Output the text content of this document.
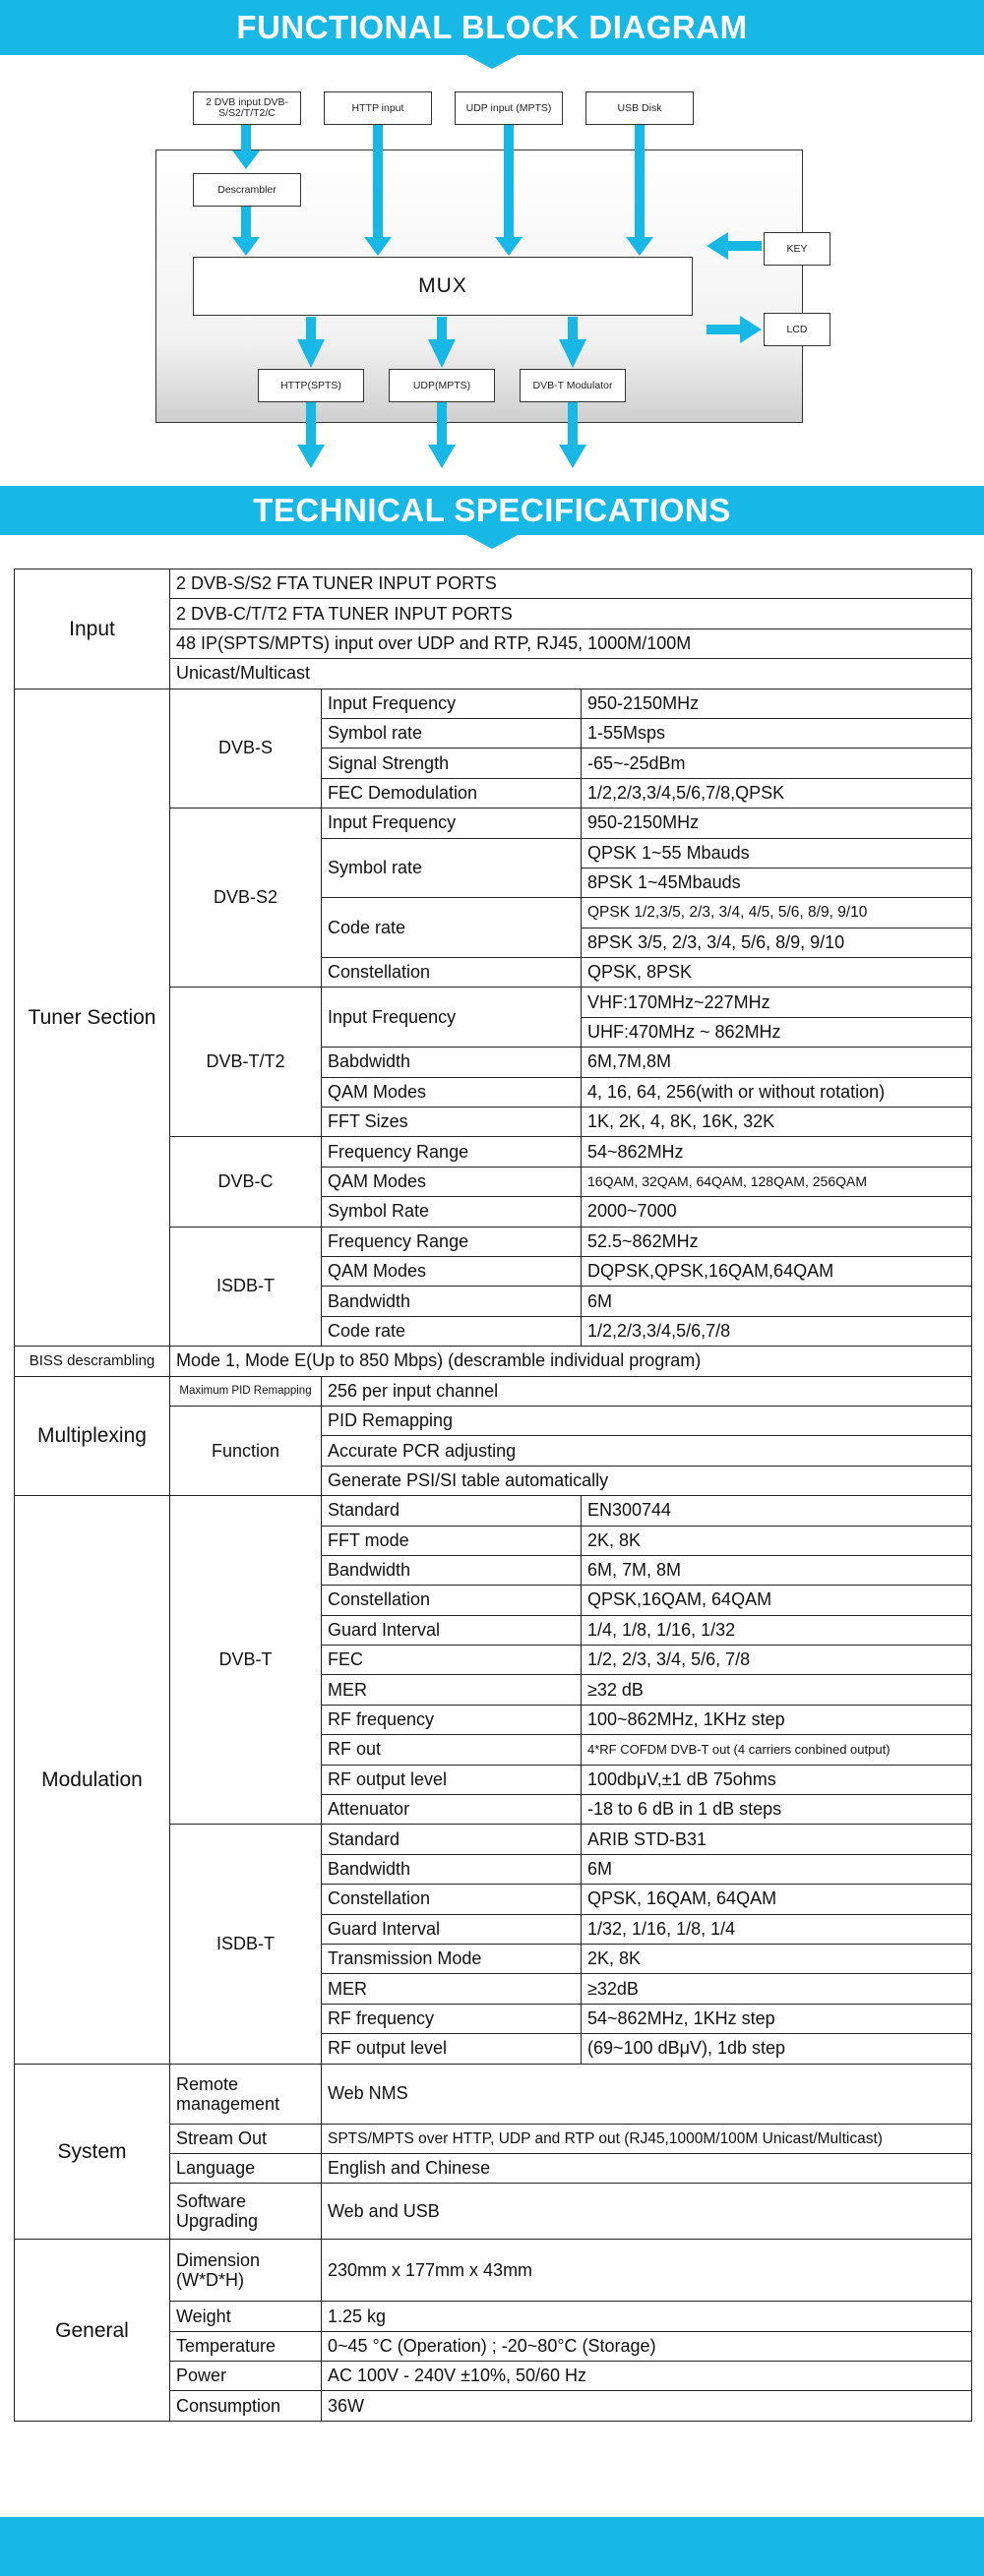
FUNCTIONAL BLOCK DIAGRAM
2 DVB input DVB-S/S2/T/T2/C	HTTP input	UDP input (MPTS)	USB Disk
Descrambler
MUX
KEY
LCD
HTTP(SPTS)	UDP(MPTS)	DVB-T Modulator
TECHNICAL SPECIFICATIONS
Input	2 DVB-S/S2 FTA TUNER INPUT PORTS		
	2 DVB-C/T/T2 FTA TUNER INPUT PORTS		
	48 IP(SPTS/MPTS) input over UDP and RTP, RJ45, 1000M/100M		
	Unicast/Multicast		
Tuner Section	DVB-S	Input Frequency	950-2150MHz
		Symbol rate	1-55Msps
		Signal Strength	-65~-25dBm
		FEC Demodulation	1/2,2/3,3/4,5/6,7/8,QPSK
	DVB-S2	Input Frequency	950-2150MHz
		Symbol rate	QPSK 1~55 Mbauds
			8PSK 1~45Mbauds
		Code rate	QPSK 1/2,3/5, 2/3, 3/4, 4/5, 5/6, 8/9, 9/10
			8PSK 3/5, 2/3, 3/4, 5/6, 8/9, 9/10
		Constellation	QPSK, 8PSK
	DVB-T/T2	Input Frequency	VHF:170MHz~227MHz
			UHF:470MHz ~ 862MHz
		Babdwidth	6M,7M,8M
		QAM Modes	4, 16, 64, 256(with or without rotation)
		FFT Sizes	1K, 2K, 4, 8K, 16K, 32K
	DVB-C	Frequency Range	54~862MHz
		QAM Modes	16QAM, 32QAM, 64QAM, 128QAM, 256QAM
		Symbol Rate	2000~7000
	ISDB-T	Frequency Range	52.5~862MHz
		QAM Modes	DQPSK,QPSK,16QAM,64QAM
		Bandwidth	6M
		Code rate	1/2,2/3,3/4,5/6,7/8
BISS descrambling	Mode 1, Mode E(Up to 850 Mbps) (descramble individual program)		
Multiplexing	Maximum PID Remapping	256 per input channel	
	Function	PID Remapping	
		Accurate PCR adjusting	
		Generate PSI/SI table automatically	
Modulation	DVB-T	Standard	EN300744
		FFT mode	2K, 8K
		Bandwidth	6M, 7M, 8M
		Constellation	QPSK,16QAM, 64QAM
		Guard Interval	1/4, 1/8, 1/16, 1/32
		FEC	1/2, 2/3, 3/4, 5/6, 7/8
		MER	≥32 dB
		RF frequency	100~862MHz, 1KHz step
		RF out	4*RF COFDM DVB-T out (4 carriers conbined output)
		RF output level	100dbμV,±1 dB 75ohms
		Attenuator	-18 to 6 dB in 1 dB steps
	ISDB-T	Standard	ARIB STD-B31
		Bandwidth	6M
		Constellation	QPSK, 16QAM, 64QAM
		Guard Interval	1/32, 1/16, 1/8, 1/4
		Transmission Mode	2K, 8K
		MER	≥32dB
		RF frequency	54~862MHz, 1KHz step
		RF output level	(69~100 dBμV), 1db step
System	Remote management	Web NMS	
	Stream Out	SPTS/MPTS over HTTP, UDP and RTP out (RJ45,1000M/100M Unicast/Multicast)	
	Language	English and Chinese	
	Software Upgrading	Web and USB	
General	Dimension (W*D*H)	230mm x 177mm x 43mm	
	Weight	1.25 kg	
	Temperature	0~45 °C (Operation) ; -20~80°C (Storage)	
	Power	AC 100V - 240V ±10%, 50/60 Hz	
	Consumption	36W	
